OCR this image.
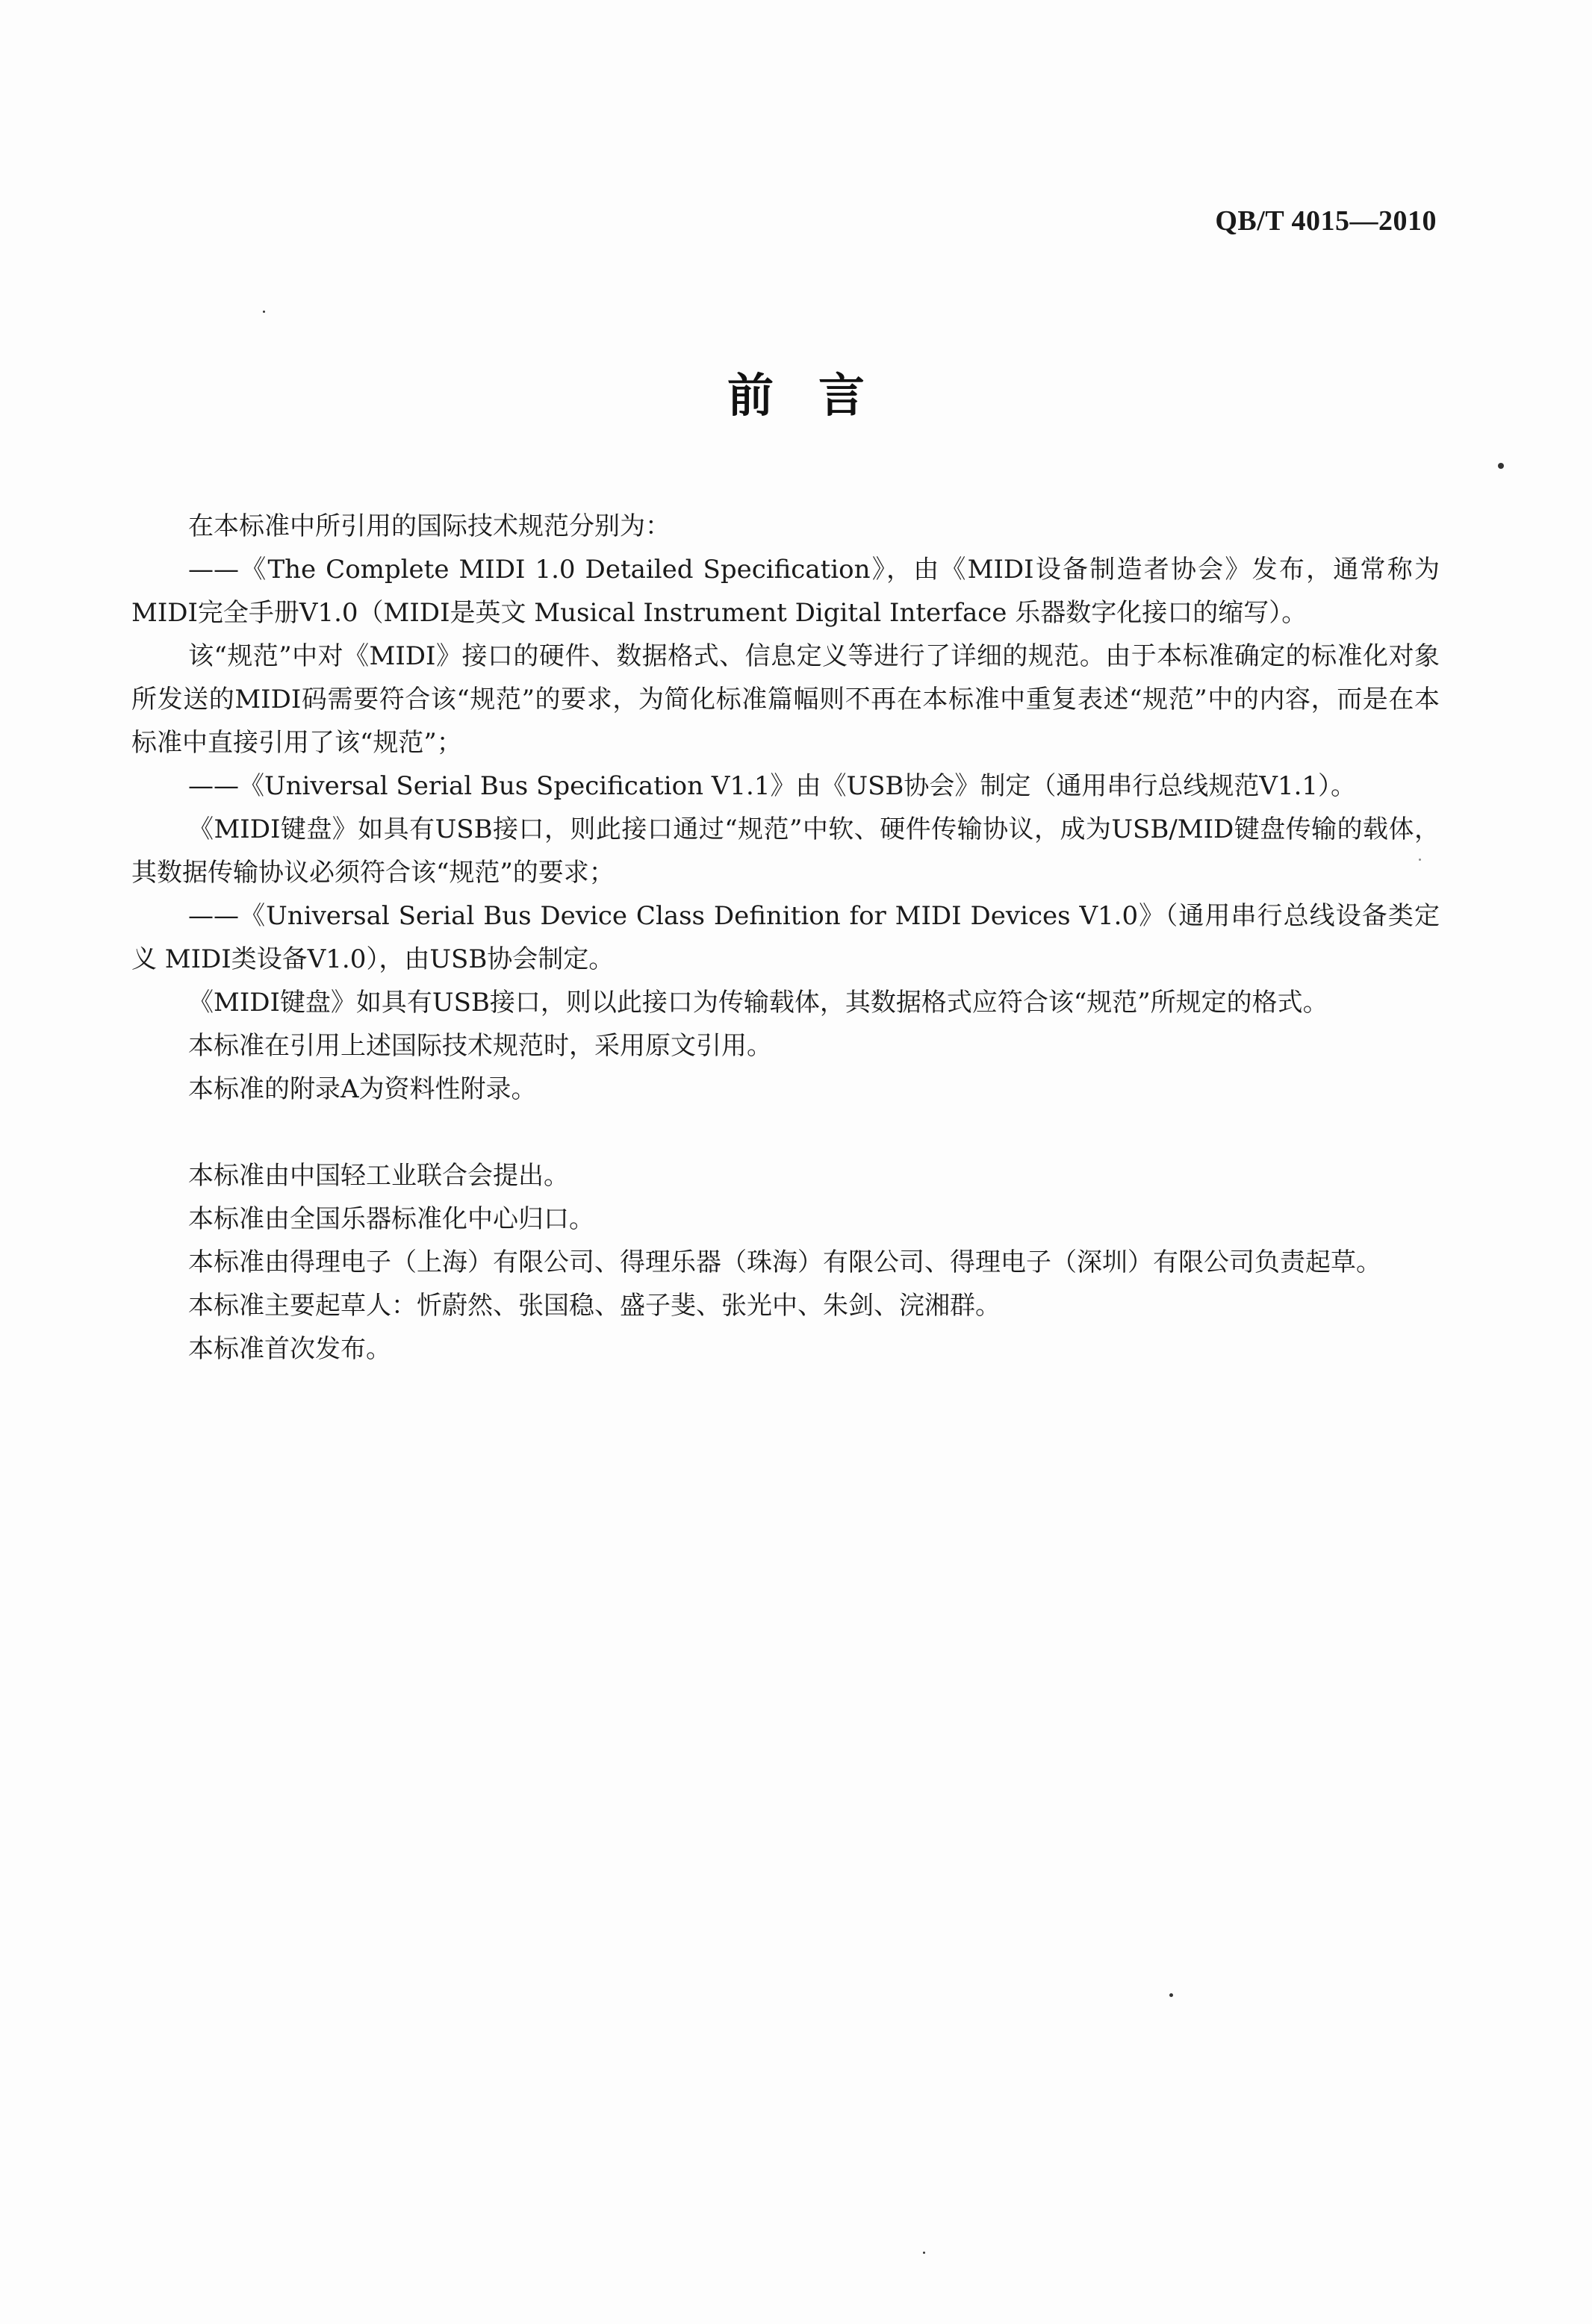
QB/T 4015—2010
前言

在本标准中所引用的国际技术规范分别为：

——《The Complete MIDI 1.0 Detailed Specification》，由《MIDI设备制造者协会》发布，通常称为MIDI完全手册V1.0（MIDI是英文 Musical Instrument Digital Interface 乐器数字化接口的缩写）。

该“规范”中对《MIDI》接口的硬件、数据格式、信息定义等进行了详细的规范。由于本标准确定的标准化对象所发送的MIDI码需要符合该“规范”的要求，为简化标准篇幅则不再在本标准中重复表述“规范”中的内容，而是在本标准中直接引用了该“规范”；

——《Universal Serial Bus Specification V1.1》由《USB协会》制定（通用串行总线规范V1.1）。

《MIDI键盘》如具有USB接口，则此接口通过“规范”中软、硬件传输协议，成为USB/MID键盘传输的载体，其数据传输协议必须符合该“规范”的要求；

——《Universal Serial Bus Device Class Definition for MIDI Devices V1.0》（通用串行总线设备类定义 MIDI类设备V1.0），由USB协会制定。

《MIDI键盘》如具有USB接口，则以此接口为传输载体，其数据格式应符合该“规范”所规定的格式。

本标准在引用上述国际技术规范时，采用原文引用。

本标准的附录A为资料性附录。

本标准由中国轻工业联合会提出。

本标准由全国乐器标准化中心归口。

本标准由得理电子（上海）有限公司、得理乐器（珠海）有限公司、得理电子（深圳）有限公司负责起草。

本标准主要起草人：忻蔚然、张国稳、盛子斐、张光中、朱剑、浣湘群。

本标准首次发布。
